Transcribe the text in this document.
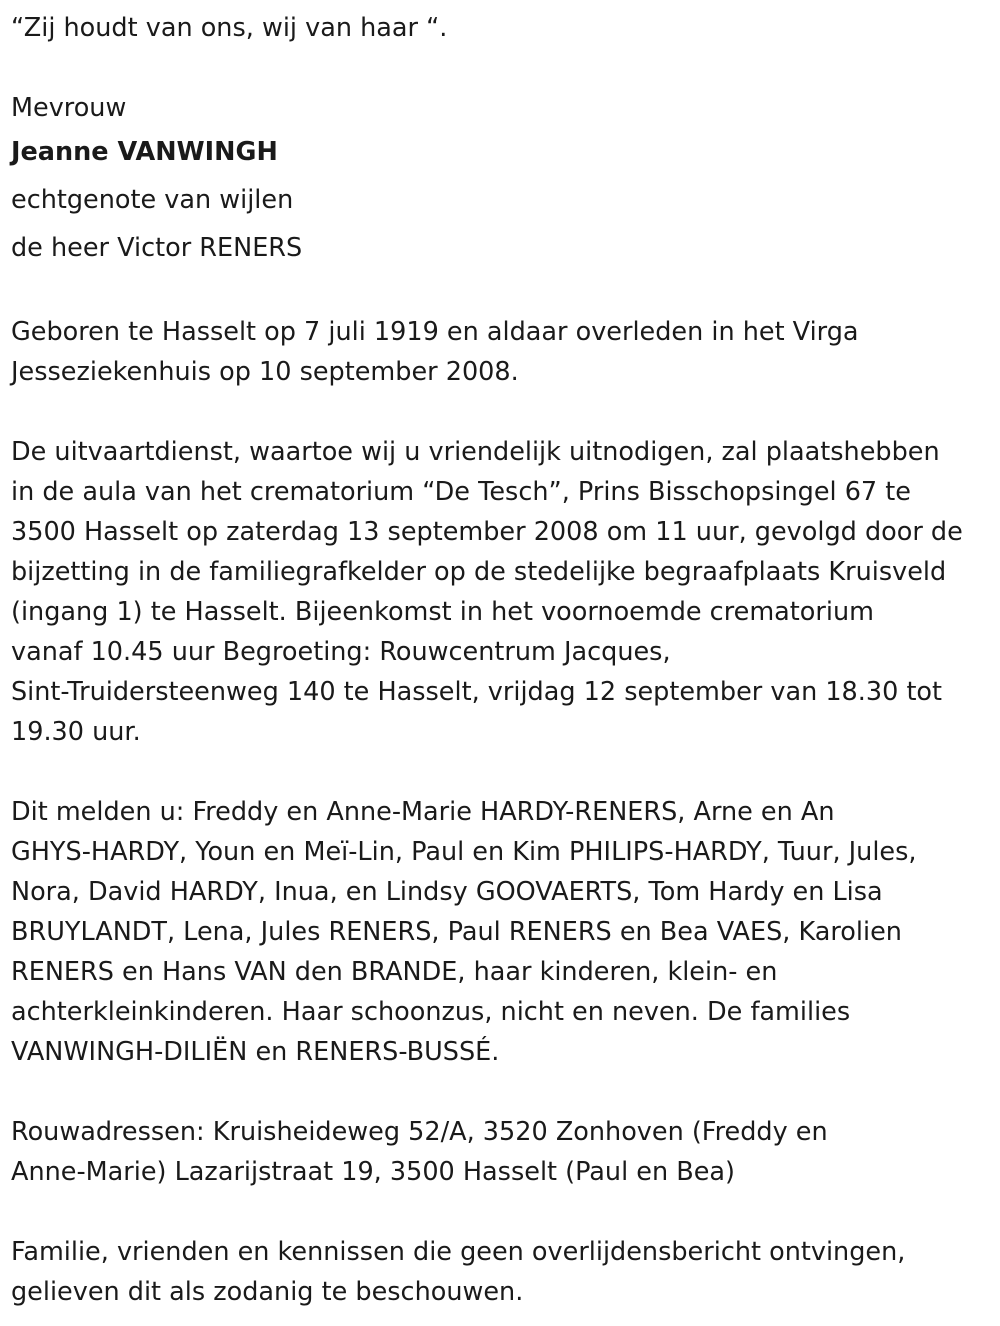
“Zij houdt van ons, wij van haar “.
Mevrouw
Jeanne VANWINGH
echtgenote van wijlen
de heer Victor RENERS
Geboren te Hasselt op 7 juli 1919 en aldaar overleden in het Virga
Jesseziekenhuis op 10 september 2008.
De uitvaartdienst, waartoe wij u vriendelijk uitnodigen, zal plaatshebben
in de aula van het crematorium “De Tesch”, Prins Bisschopsingel 67 te
3500 Hasselt op zaterdag 13 september 2008 om 11 uur, gevolgd door de
bijzetting in de familiegrafkelder op de stedelijke begraafplaats Kruisveld
(ingang 1) te Hasselt. Bijeenkomst in het voornoemde crematorium
vanaf 10.45 uur Begroeting: Rouwcentrum Jacques,
Sint-Truidersteenweg 140 te Hasselt, vrijdag 12 september van 18.30 tot
19.30 uur.
Dit melden u: Freddy en Anne-Marie HARDY-RENERS, Arne en An
GHYS-HARDY, Youn en Meï-Lin, Paul en Kim PHILIPS-HARDY, Tuur, Jules,
Nora, David HARDY, Inua, en Lindsy GOOVAERTS, Tom Hardy en Lisa
BRUYLANDT, Lena, Jules RENERS, Paul RENERS en Bea VAES, Karolien
RENERS en Hans VAN den BRANDE, haar kinderen, klein- en
achterkleinkinderen. Haar schoonzus, nicht en neven. De families
VANWINGH-DILIËN en RENERS-BUSSÉ.
Rouwadressen: Kruisheideweg 52/A, 3520 Zonhoven (Freddy en
Anne-Marie) Lazarijstraat 19, 3500 Hasselt (Paul en Bea)
Familie, vrienden en kennissen die geen overlijdensbericht ontvingen,
gelieven dit als zodanig te beschouwen.
